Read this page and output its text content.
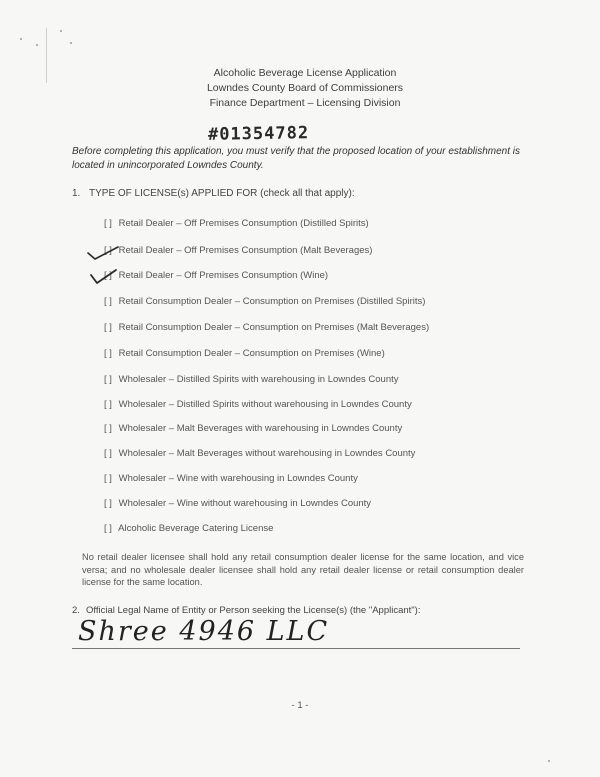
Alcoholic Beverage License Application
Lowndes County Board of Commissioners
Finance Department – Licensing Division
#01354782
Before completing this application, you must verify that the proposed location of your establishment is located in unincorporated Lowndes County.
1. TYPE OF LICENSE(s) APPLIED FOR (check all that apply):
[ ] Retail Dealer – Off Premises Consumption (Distilled Spirits)
[ ] Retail Dealer – Off Premises Consumption (Malt Beverages)
[ ] Retail Dealer – Off Premises Consumption (Wine)
[ ] Retail Consumption Dealer – Consumption on Premises (Distilled Spirits)
[ ] Retail Consumption Dealer – Consumption on Premises (Malt Beverages)
[ ] Retail Consumption Dealer – Consumption on Premises (Wine)
[ ] Wholesaler – Distilled Spirits with warehousing in Lowndes County
[ ] Wholesaler – Distilled Spirits without warehousing in Lowndes County
[ ] Wholesaler – Malt Beverages with warehousing in Lowndes County
[ ] Wholesaler – Malt Beverages without warehousing in Lowndes County
[ ] Wholesaler – Wine with warehousing in Lowndes County
[ ] Wholesaler – Wine without warehousing in Lowndes County
[ ] Alcoholic Beverage Catering License
No retail dealer licensee shall hold any retail consumption dealer license for the same location, and vice versa; and no wholesale dealer licensee shall hold any retail dealer license or retail consumption dealer license for the same location.
2. Official Legal Name of Entity or Person seeking the License(s) (the "Applicant"):
Shree 4946 LLC
- 1 -
